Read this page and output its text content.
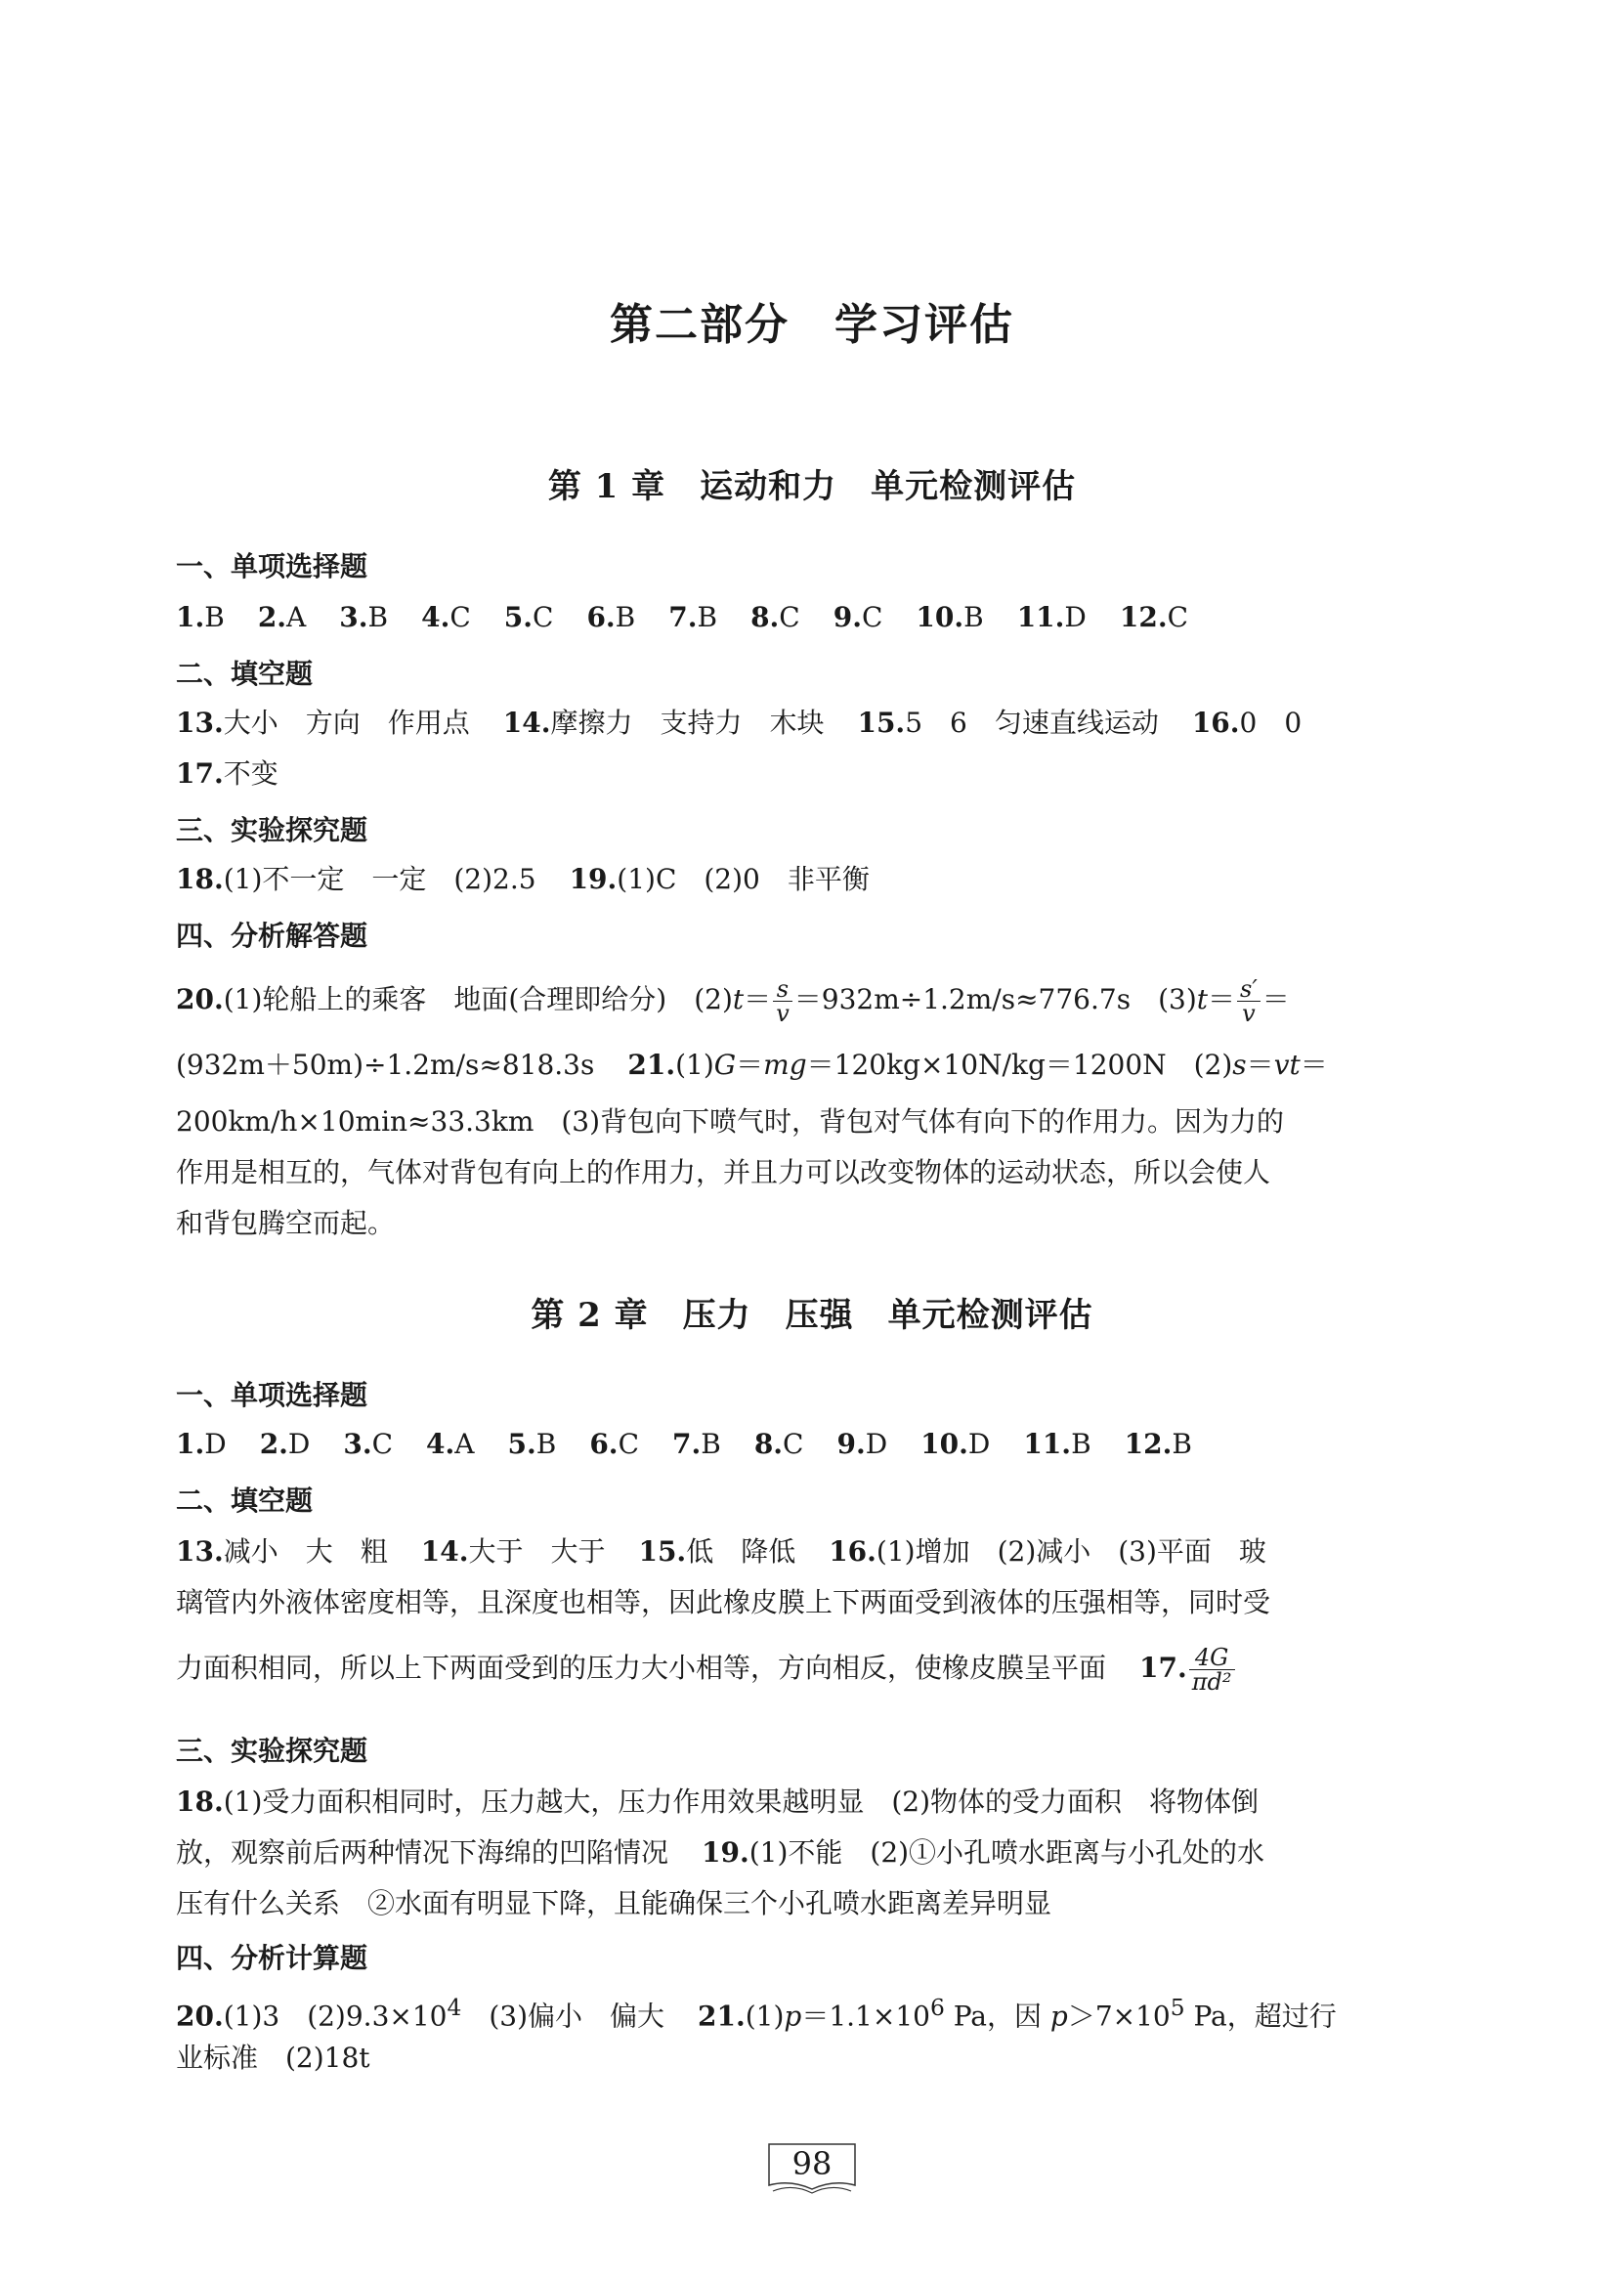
第二部分　学习评估
第 1 章　运动和力　单元检测评估
一、单项选择题
1.B 2.A 3.B 4.C 5.C 6.B 7.B 8.C 9.C 10.B 11.D 12.C
二、填空题
13.大小　方向　作用点 14.摩擦力　支持力　木块 15.5　6　匀速直线运动 16.0　0
17.不变
三、实验探究题
18.(1)不一定　一定　(2)2.5 19.(1)C　(2)0　非平衡
四、分析解答题
20.(1)轮船上的乘客　地面(合理即给分)　$(2)t= \frac{s}{v} =932m\div 1.2m/s\approx 776.7s$　$(3)t= \frac{s'}{v}$ ＝
(932m＋50m)÷1.2m/s≈818.3s 21.(1)G＝mg＝120kg×10N/kg＝1200N　(2)s＝vt＝
200km/h×10min≈33.3km　(3)背包向下喷气时，背包对气体有向下的作用力。因为力的
作用是相互的，气体对背包有向上的作用力，并且力可以改变物体的运动状态，所以会使人
和背包腾空而起。
第 2 章　压力　压强　单元检测评估
一、单项选择题
1.D 2.D 3.C 4.A 5.B 6.C 7.B 8.C 9.D 10.D 11.B 12.B
二、填空题
13.减小　大　粗 14.大于　大于 15.低　降低 16.(1)增加　(2)减小　(3)平面　玻
璃管内外液体密度相等，且深度也相等，因此橡皮膜上下两面受到液体的压强相等，同时受
力面积相同，所以上下两面受到的压力大小相等，方向相反，使橡皮膜呈平面 17. $\frac{4G}{\text{πd²}}$
三、实验探究题
18.(1)受力面积相同时，压力越大，压力作用效果越明显　(2)物体的受力面积　将物体倒
放，观察前后两种情况下海绵的凹陷情况 19.(1)不能　(2)①小孔喷水距离与小孔处的水
压有什么关系　②水面有明显下降，且能确保三个小孔喷水距离差异明显
四、分析计算题
20.(1)3　$(2)9.3\times 10^4$　(3)偏小　偏大 $21.(1)p=1.1\times 10^6$ Pa，因 $p>7\times 10^5$ Pa，超过行
业标准　(2)18t
98
